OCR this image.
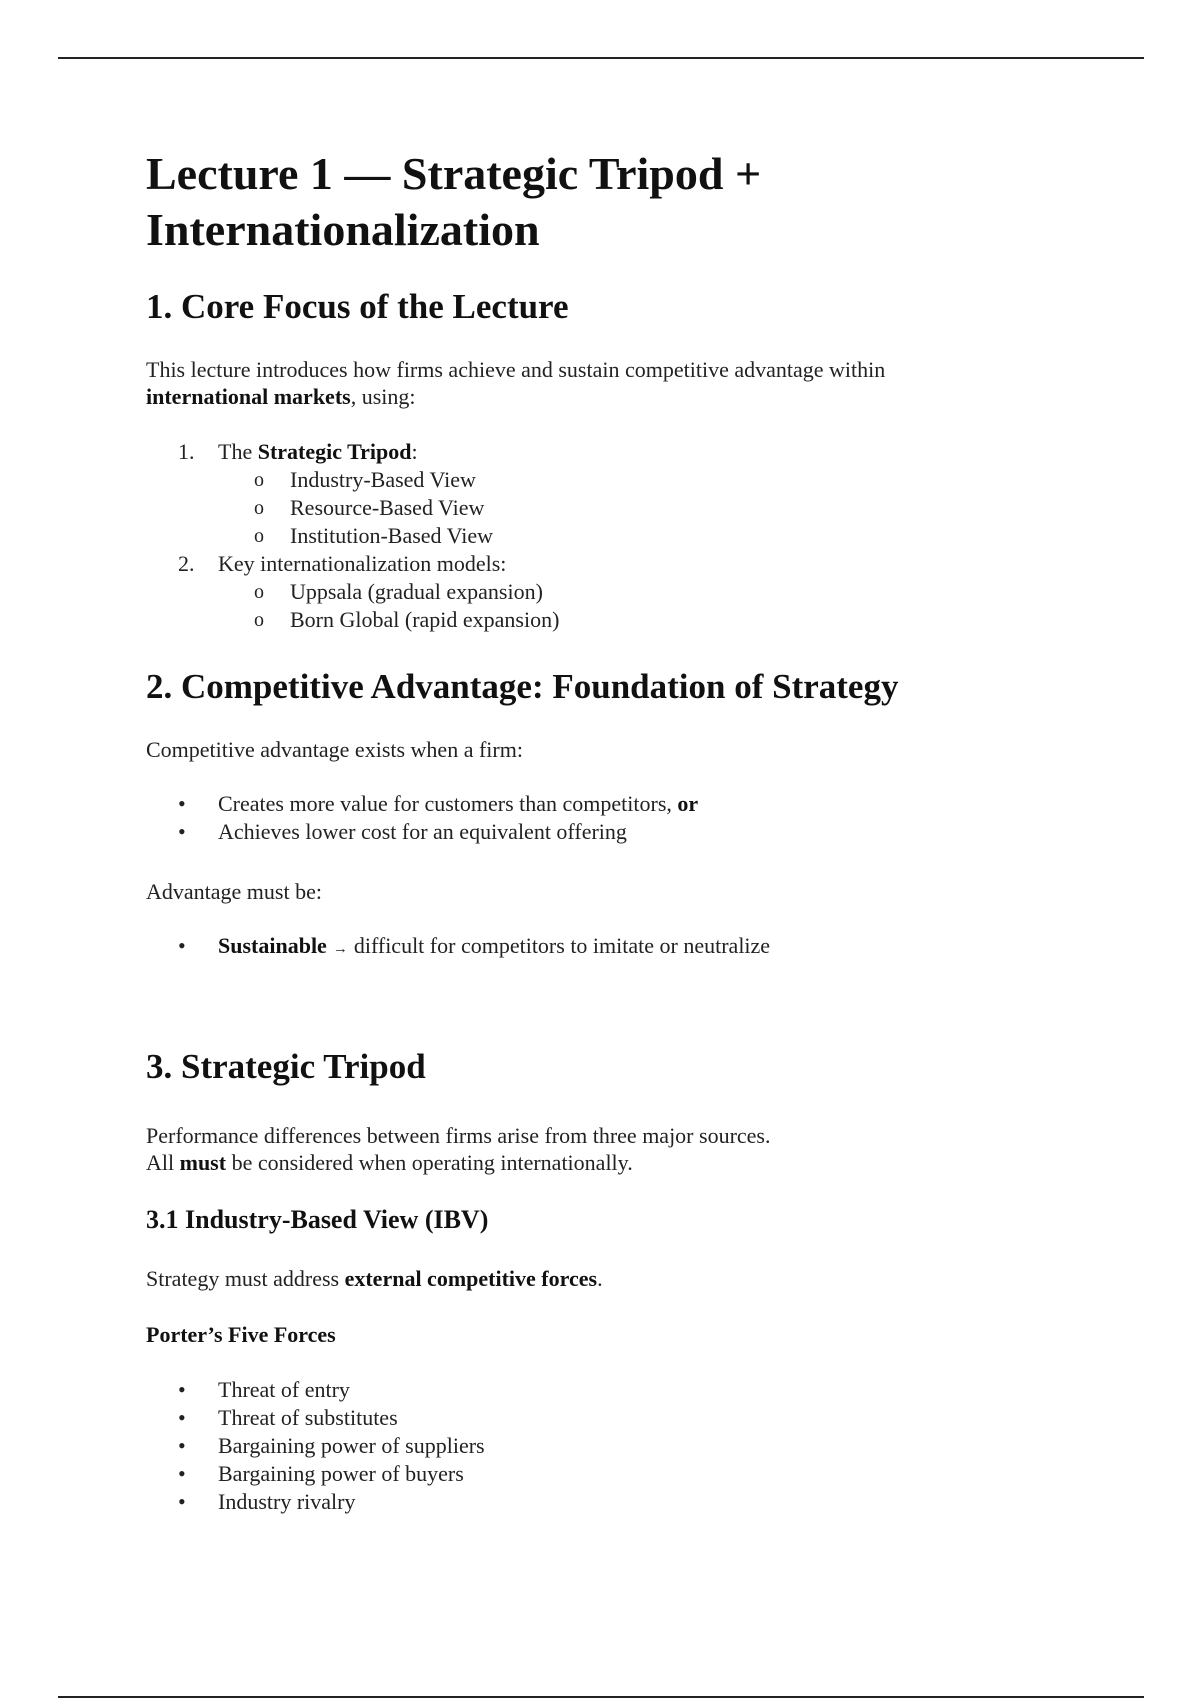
Lecture 1 — Strategic Tripod + Internationalization
1. Core Focus of the Lecture

This lecture introduces how firms achieve and sustain competitive advantage within international markets, using:

1.	The Strategic Tripod:
o	Industry-Based View
o	Resource-Based View
o	Institution-Based View
2.	Key internationalization models:
o	Uppsala (gradual expansion)
o	Born Global (rapid expansion)
2. Competitive Advantage: Foundation of Strategy

Competitive advantage exists when a firm:

•	Creates more value for customers than competitors, or
•	Achieves lower cost for an equivalent offering

Advantage must be:

•	Sustainable → difficult for competitors to imitate or neutralize
3. Strategic Tripod

Performance differences between firms arise from three major sources.
All must be considered when operating internationally.

3.1 Industry-Based View (IBV)

Strategy must address external competitive forces.

Porter’s Five Forces

•	Threat of entry
•	Threat of substitutes
•	Bargaining power of suppliers
•	Bargaining power of buyers
•	Industry rivalry
